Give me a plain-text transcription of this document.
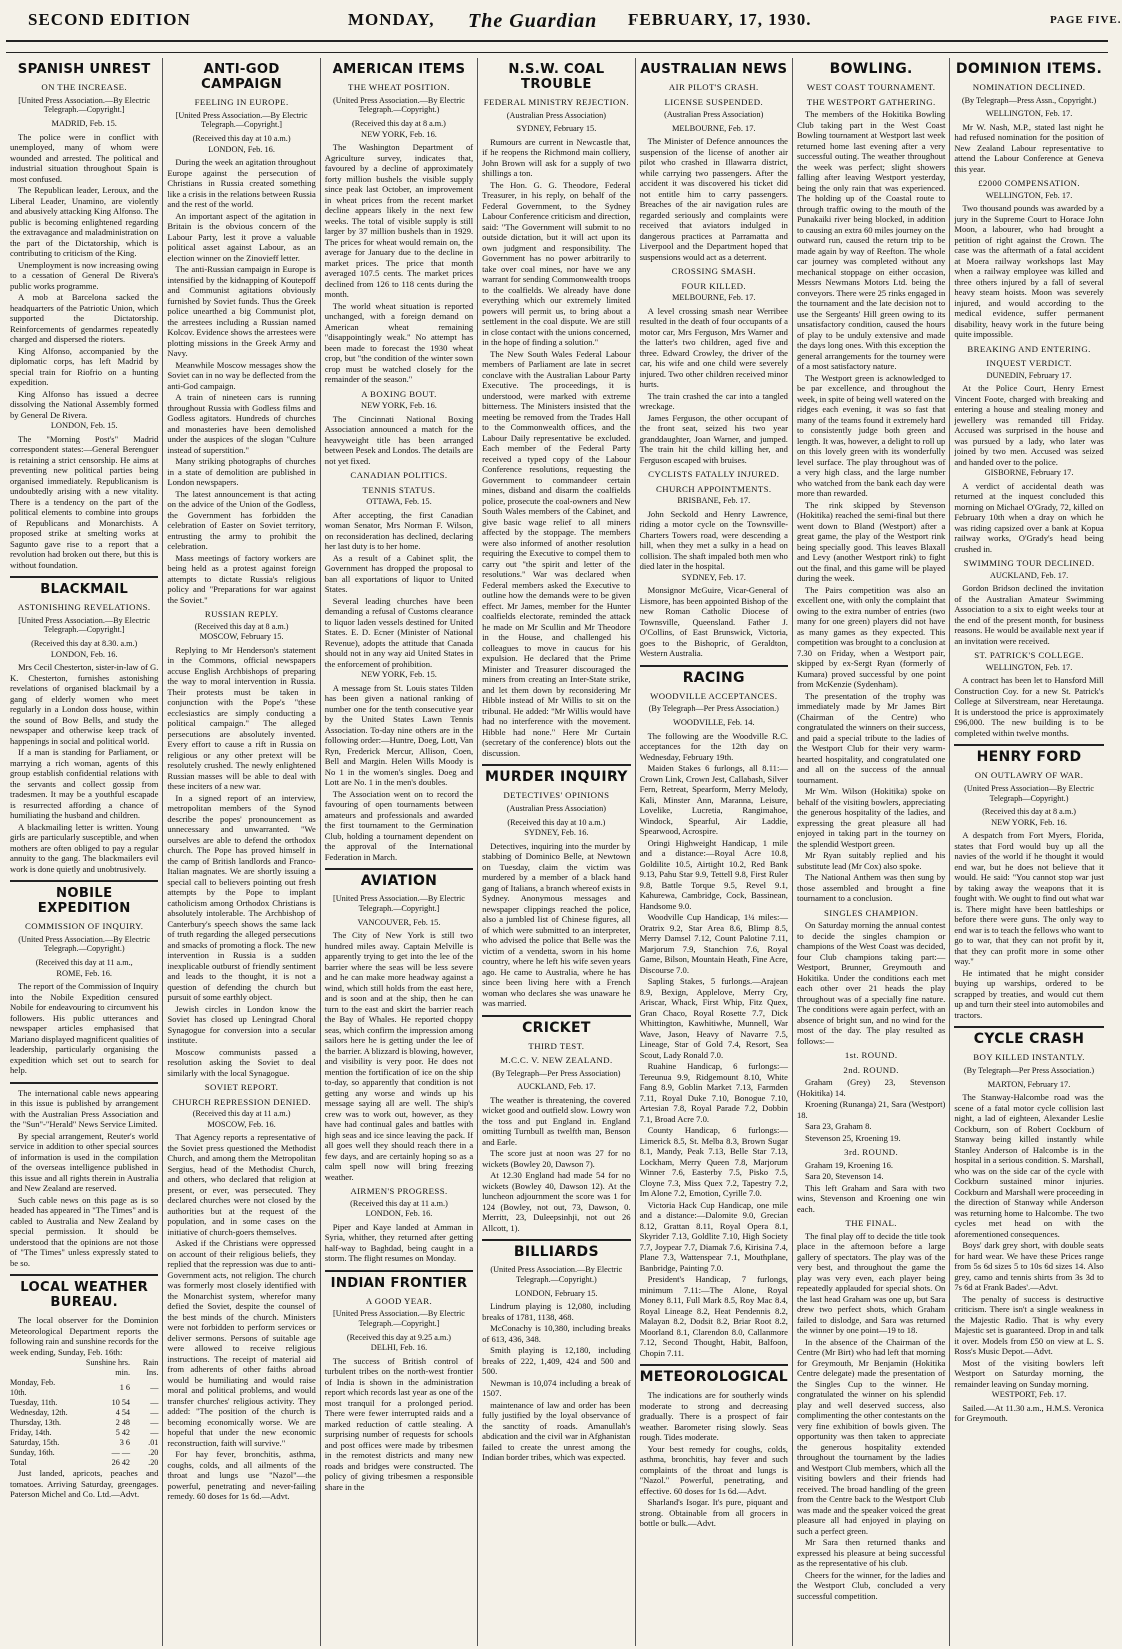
SECOND EDITION	MONDAY, The Guardian FEBRUARY, 17, 1930.	PAGE FIVE.
SPANISH UNREST
ON THE INCREASE.
[United Press Association.—By Electric Telegraph.—Copyright.]
MADRID, Feb. 15.
The police were in conflict with unemployed, many of whom were wounded and arrested. The political and industrial situation throughout Spain is most confused.
The Republican leader, Leroux, and the Liberal Leader, Unamino, are violently and abusively attacking King Alfonso. The public is becoming enlightened regarding the extravagance and maladministration on the part of the Dictatorship, which is contributing to criticism of the King.
Unemployment is now increasing owing to a cessation of General De Rivera's public works programme.
A mob at Barcelona sacked the headquarters of the Patriotic Union, which supported the Dictatorship. Reinforcements of gendarmes repeatedly charged and dispersed the rioters.
King Alfonso, accompanied by the diplomatic corps, has left Madrid by special train for Riofrio on a hunting expedition.
King Alfonso has issued a decree dissolving the National Assembly formed by General De Rivera.
LONDON, Feb. 15.
The "Morning Post's" Madrid correspondent states:—General Berenguer is retaining a strict censorship. He aims at preventing new political parties being organised immediately. Republicanism is undoubtedly arising with a new vitality. There is a tendency on the part of the political elements to combine into groups of Republicans and Monarchists. A proposed strike at smelting works at Sagunto gave rise to a report that a revolution had broken out there, but this is without foundation.
BLACKMAIL
ASTONISHING REVELATIONS.
[United Press Association.—By Electric Telegraph.—Copyright.]
(Received this day at 8.30. a.m.)
LONDON, Feb. 16.
Mrs Cecil Chesterton, sister-in-law of G. K. Chesterton, furnishes astonishing revelations of organised blackmail by a gang of elderly women who meet regularly in a London doss house, within the sound of Bow Bells, and study the newspaper and otherwise keep track of happenings in social and political world.
If a man is standing for Parliament, or marrying a rich woman, agents of this group establish confidential relations with the servants and collect gossip from tradesmen. It may be a youthful escapade is resurrected affording a chance of humiliating the husband and children.
A blackmailing letter is written. Young girls are particularly susceptible, and when mothers are often obliged to pay a regular annuity to the gang. The blackmailers evil work is done quietly and unobtrusively.
NOBILE EXPEDITION
COMMISSION OF INQUIRY.
(United Press Association.—By Electric Telegraph.—Copyright.)
(Received this day at 11 a.m.,
ROME, Feb. 16.
The report of the Commission of Inquiry into the Nobile Expedition censured Nobile for endeavouring to circumvent his followers. His public utterances and newspaper articles emphasised that Mariano displayed magnificent qualities of leadership, particularly organising the expedition which set out to search for help.
The international cable news appearing in this issue is published by arrangement with the Australian Press Association and the "Sun"-"Herald" News Service Limited.
By special arrangement, Reuter's world service in addition to other special sources of information is used in the compilation of the overseas intelligence published in this issue and all rights therein in Australia and New Zealand are reserved.
Such cable news on this page as is so headed has appeared in "The Times" and is cabled to Australia and New Zealand by special permission. It should be understood that the opinions are not those of "The Times" unless expressly stated to be so.
LOCAL WEATHER BUREAU.
The local observer for the Dominion Meteorological Department reports the following rain and sunshine records for the week ending, Sunday, Feb. 16th:
	Sunshine hrs. min.	Rain Ins.
Monday, Feb. 10th.	1 6	—
Tuesday, 11th.	10 54	—
Wednesday, 12th.	4 54	—
Thursday, 13th.	2 48	—
Friday, 14th.	5 42	—
Saturday, 15th.	3 6	.01
Sunday, 16th.	— —	.20
Total	26 42	.20
Just landed, apricots, peaches and tomatoes. Arriving Saturday, greengages. Paterson Michel and Co. Ltd.—Advt.
ANTI-GOD CAMPAIGN
FEELING IN EUROPE.
[United Press Association.—By Electric Telegraph.—Copyright.]
(Received this day at 10 a.m.)
LONDON, Feb. 16.
During the week an agitation throughout Europe against the persecution of Christians in Russia created something like a crisis in the relations between Russia and the rest of the world.
An important aspect of the agitation in Britain is the obvious concern of the Labour Party, lest it prove a valuable political asset against Labour, as an election winner on the Zinovieff letter.
The anti-Russian campaign in Europe is intensified by the kidnapping of Koutepoff and Communist agitations obviously furnished by Soviet funds. Thus the Greek police unearthed a big Communist plot, the arrestees including a Russian named Kolcov. Evidence shows the arrestees were plotting missions in the Greek Army and Navy.
Meanwhile Moscow messages show the Soviet can in no way be deflected from the anti-God campaign.
A train of nineteen cars is running throughout Russia with Godless films and Godless agitators. Hundreds of churches and monasteries have been demolished under the auspices of the slogan "Culture instead of superstition."
Many striking photographs of churches in a state of demolition are published in London newspapers.
The latest announcement is that acting on the advice of the Union of the Godless, the Government has forbidden the celebration of Easter on Soviet territory, entrusting the army to prohibit the celebration.
Mass meetings of factory workers are being held as a protest against foreign attempts to dictate Russia's religious policy and "Preparations for war against the Soviet."
RUSSIAN REPLY.
(Received this day at 8 a.m.)
MOSCOW, February 15.
Replying to Mr Henderson's statement in the Commons, official newspapers accuse English Archbishops of preparing the way to moral intervention in Russia. Their protests must be taken in conjunction with the Pope's "these ecclesiastics are simply conducting a political campaign." The alleged persecutions are absolutely invented. Every effort to cause a rift in Russia on religious or any other pretext will be resolutely crushed. The newly enlightened Russian masses will be able to deal with these inciters of a new war.
In a signed report of an interview, metropolitan members of the Synod describe the popes' pronouncement as unnecessary and unwarranted. "We ourselves are able to defend the orthodox church. The Pope has proved himself in the camp of British landlords and Franco-Italian magnates. We are shortly issuing a special call to believers pointing out fresh attempts by the Pope to implant catholicism among Orthodox Christians is absolutely intolerable. The Archbishop of Canterbury's speech shows the same lack of truth regarding the alleged persecutions and smacks of promoting a flock. The new intervention in Russia is a sudden inexplicable outburst of friendly sentiment and leads to the thought, it is not a question of defending the church but pursuit of some earthly object.
Jewish circles in London know the Soviet has closed up Leningrad Choral Synagogue for conversion into a secular institute.
Moscow communists passed a resolution asking the Soviet to deal similarly with the local Synagogue.
SOVIET REPORT.
CHURCH REPRESSION DENIED.
(Received this day at 11 a.m.)
MOSCOW, Feb. 16.
That Agency reports a representative of the Soviet press questioned the Methodist Church, and among them the Metropolitan Sergius, head of the Methodist Church, and others, who declared that religion at present, or ever, was persecuted. They declared churches were not closed by the authorities but at the request of the population, and in some cases on the initiative of church-goers themselves.
Asked if the Christians were oppressed on account of their religious beliefs, they replied that the repression was due to anti-Government acts, not religion. The church was formerly most closely identified with the Monarchist system, wherefor many defied the Soviet, despite the counsel of the best minds of the church. Ministers were not forbidden to perform services or deliver sermons. Persons of suitable age were allowed to receive religious instructions. The receipt of material aid from adherents of other faiths abroad would be humiliating and would raise moral and political problems, and would transfer churches' religious activity. They added: "The position of the church is becoming economically worse. We are hopeful that under the new economic reconstruction, faith will survive."
For hay fever, bronchitis, asthma, coughs, colds, and all ailments of the throat and lungs use "Nazol"—the powerful, penetrating and never-failing remedy. 60 doses for 1s 6d.—Advt.
AMERICAN ITEMS
THE WHEAT POSITION.
(United Press Association.—By Electric Telegraph.—Copyright.)
(Received this day at 8 a.m.)
NEW YORK, Feb. 16.
The Washington Department of Agriculture survey, indicates that, favoured by a decline of approximately forty million bushels the visible supply since peak last October, an improvement in wheat prices from the recent market decline appears likely in the next few weeks. The total of visible supply is still larger by 37 million bushels than in 1929. The prices for wheat would remain on, the average for January due to the decline in market prices. The price that month averaged 107.5 cents. The market prices declined from 126 to 118 cents during the month.
The world wheat situation is reported unchanged, with a foreign demand on American wheat remaining "disappointingly weak." No attempt has been made to forecast the 1930 wheat crop, but "the condition of the winter sown crop must be watched closely for the remainder of the season."
A BOXING BOUT.
NEW YORK, Feb. 16.
The Cincinnati National Boxing Association announced a match for the heavyweight title has been arranged between Pesek and Londos. The details are not yet fixed.
CANADIAN POLITICS.
TENNIS STATUS.
OTTAWA, Feb. 15.
After accepting, the first Canadian woman Senator, Mrs Norman F. Wilson, on reconsideration has declined, declaring her last duty is to her home.
As a result of a Cabinet split, the Government has dropped the proposal to ban all exportations of liquor to United States.
Several leading churches have been demanding a refusal of Customs clearance to liquor laden vessels destined for United States. E. D. Ecner (Minister of National Revenue), adopts the attitude that Canada should not in any way aid United States in the enforcement of prohibition.
NEW YORK, Feb. 15.
A message from St. Louis states Tilden has been given a national ranking of number one for the tenth consecutive year by the United States Lawn Tennis Association. To-day nine others are in the following order:—Huntre, Doeg, Lott, Van Ryn, Frederick Mercur, Allison, Coen, Bell and Margin. Helen Wills Moody is No 1 in the women's singles. Doeg and Lott are No. 1 in the men's doubles.
The Association went on to record the favouring of open tournaments between amateurs and professionals and awarded the first tournament to the Germination Club, holding a tournament dependent on the approval of the International Federation in March.
AVIATION
[United Press Association.—By Electric Telegraph.—Copyright.]
VANCOUVER, Feb. 15.
The City of New York is still two hundred miles away. Captain Melville is apparently trying to get into the lee of the barrier where the seas will be less severe and he can make more headway against a wind, which still holds from the east here, and is soon and at the ship, then he can turn to the east and skirt the barrier reach the Bay of Whales. He reported choppy seas, which confirm the impression among sailors here he is getting under the lee of the barrier. A blizzard is blowing, however, and visibility is very poor. He does not mention the fortification of ice on the ship to-day, so apparently that condition is not getting any worse and winds up his message saying all are well. The ship's crew was to work out, however, as they have had continual gales and battles with high seas and ice since leaving the pack. If all goes well they should reach there in a few days, and are certainly hoping so as a calm spell now will bring freezing weather.
AIRMEN'S PROGRESS.
(Received this day at 11 a.m.)
LONDON, Feb. 16.
Piper and Kaye landed at Amman in Syria, whither, they returned after getting half-way to Baghdad, being caught in a storm. The flight resumes on Monday.
INDIAN FRONTIER
A GOOD YEAR.
[United Press Association.—By Electric Telegraph.—Copyright.]
(Received this day at 9.25 a.m.)
DELHI, Feb. 16.
The success of British control of turbulent tribes on the north-west frontier of India is shown in the administration report which records last year as one of the most tranquil for a prolonged period. There were fewer interrupted raids and a marked reduction of cattle stealing. A surprising number of requests for schools and post offices were made by tribesmen in the remotest districts and many new roads and bridges were constructed. The policy of giving tribesmen a responsible share in the
N.S.W. COAL TROUBLE
FEDERAL MINISTRY REJECTION.
(Australian Press Association)
SYDNEY, February 15.
Rumours are current in Newcastle that, if he reopens the Richmond main colliery, John Brown will ask for a supply of two shillings a ton.
The Hon. G. G. Theodore, Federal Treasurer, in his reply, on behalf of the Federal Government, to the Sydney Labour Conference criticism and direction, said: "The Government will submit to no outside dictation, but it will act upon its own judgment and responsibility. The Government has no power arbitrarily to take over coal mines, nor have we any warrant for sending Commonwealth troops to the coalfields. We already have done everything which our extremely limited powers will permit us, to bring about a settlement in the coal dispute. We are still in close contact with the unions concerned, in the hope of finding a solution."
The New South Wales Federal Labour members of Parliament are late in secret conclave with the Australian Labour Party Executive. The proceedings, it is understood, were marked with extreme bitterness. The Ministers insisted that the meeting be removed from the Trades Hall to the Commonwealth offices, and the Labour Daily representative be excluded. Each member of the Federal Party received a typed copy of the Labour Conference resolutions, requesting the Government to commandeer certain mines, disband and disarm the coalfields police, prosecute the coal-owners and New South Wales members of the Cabinet, and give basic wage relief to all miners affected by the stoppage. The members were also informed of another resolution requiring the Executive to compel them to carry out "the spirit and letter of the resolutions." War was declared when Federal members asked the Executive to outline how the demands were to be given effect. Mr James, member for the Hunter coalfields electorate, reminded the attack he made on Mr Scullin and Mr Theodore in the House, and challenged his colleagues to move in caucus for his expulsion. He declared that the Prime Minister and Treasurer discouraged the miners from creating an Inter-State strike, and let them down by reconsidering Mr Hibble instead of Mr Willis to sit on the tribunal. He added: "Mr Willis would have had no interference with the movement. Hibble had none." Here Mr Curtain (secretary of the conference) blots out the discussion.
MURDER INQUIRY
DETECTIVES' OPINIONS
(Australian Press Association)
(Received this day at 10 a.m.)
SYDNEY, Feb. 16.
Detectives, inquiring into the murder by stabbing of Dominico Belle, at Newtown on Tuesday, claim the victim was murdered by a member of a black hand gang of Italians, a branch whereof exists in Sydney. Anonymous messages and newspaper clippings reached the police, also a jumbled list of Chinese figures, all of which were submitted to an interpreter, who advised the police that Belle was the victim of a vendetta, sworn in his home country, where he left his wife seven years ago. He came to Australia, where he has since been living here with a French woman who declares she was unaware he was married.
CRICKET
THIRD TEST.
M.C.C. V. NEW ZEALAND.
(By Telegraph—Per Press Association)
AUCKLAND, Feb. 17.
The weather is threatening, the covered wicket good and outfield slow. Lowry won the toss and put England in. England omitting Turnbull as twelfth man, Benson and Earle.
The score just at noon was 27 for no wickets (Bowley 20, Dawson 7).
At 12.30 England had made 54 for no wickets (Bowley 40, Dawson 12). At the luncheon adjournment the score was 1 for 124 (Bowley, not out, 73, Dawson, 0. Merritt, 23, Duleepsinhji, not out 26 Allcott, 1).
BILLIARDS
(United Press Association.—By Electric Telegraph.—Copyright.)
LONDON, February 15.
Lindrum playing is 12,080, including breaks of 1781, 1138, 468.
McConachy is 10,380, including breaks of 613, 436, 348.
Smith playing is 12,180, including breaks of 222, 1,409, 424 and 500 and 500.
Newman is 10,074 including a break of 1507.
maintenance of law and order has been fully justified by the loyal observance of the sanctity of roads. Amanullah's abdication and the civil war in Afghanistan failed to create the unrest among the Indian border tribes, which was expected.
AUSTRALIAN NEWS
AIR PILOT'S CRASH.
LICENSE SUSPENDED.
(Australian Press Association)
MELBOURNE, Feb. 17.
The Minister of Defence announces the suspension of the license of another air pilot who crashed in Illawarra district, while carrying two passengers. After the accident it was discovered his ticket did not entitle him to carry passengers. Breaches of the air navigation rules are regarded seriously and complaints were received that aviators indulged in dangerous practices at Parramatta and Liverpool and the Department hoped that suspensions would act as a deterrent.
CROSSING SMASH.
FOUR KILLED.
MELBOURNE, Feb. 17.
A level crossing smash near Werribee resulted in the death of four occupants of a motor car, Mrs Ferguson, Mrs Warner and the latter's two children, aged five and three. Edward Crowley, the driver of the car, his wife and one child were severely injured. Two other children received minor hurts.
The train crashed the car into a tangled wreckage.
James Ferguson, the other occupant of the front seat, seized his two year granddaughter, Joan Warner, and jumped. The train hit the child killing her, and Ferguson escaped with bruises.
CYCLISTS FATALLY INJURED.
CHURCH APPOINTMENTS.
BRISBANE, Feb. 17.
John Seckold and Henry Lawrence, riding a motor cycle on the Townsville-Charters Towers road, were descending a hill, when they met a sulky in a head on collision. The shaft impaled both men who died later in the hospital.
SYDNEY, Feb. 17.
Monsignor McGuire, Vicar-General of Lismore, has been appointed Bishop of the new Roman Catholic Diocese of Townsville, Queensland. Father J. O'Collins, of East Brunswick, Victoria, goes to the Bishopric, of Geraldton, Western Australia.
RACING
WOODVILLE ACCEPTANCES.
(By Telegraph—Per Press Association.)
WOODVILLE, Feb. 14.
The following are the Woodville R.C. acceptances for the 12th day on Wednesday, February 19th.
Maiden Stakes 6 furlongs, all 8.11:—Crown Link, Crown Jest, Callabash, Silver Fern, Retreat, Spearform, Merry Melody, Kali, Minster Ann, Maranna, Leisure, Lovelike, Lucretia, Rangimahoe, Windock, Spearful, Air Laddie, Spearwood, Acrospire.
Oringi Highweight Handicap, 1 mile and a distance:—Royal Acre 10.8, Goldilite 10.5, Airtight 10.2, Red Bank 9.13, Pahu Star 9.9, Tettell 9.8, First Ruler 9.8, Battle Torque 9.5, Revel 9.1, Kahurewa, Cambridge, Cock, Bassinean, Handsome 9.0.
Woodville Cup Handicap, 1¼ miles:—Oratrix 9.2, Star Area 8.6, Blimp 8.5, Merry Damsel 7.12, Count Palotine 7.11, Marjorum 7.9, Stanchion 7.6, Royal Game, Bilson, Mountain Heath, Fine Acre, Discourse 7.0.
Sapling Stakes, 5 furlongs.—Arajean 8.9, Bexign, Applelove, Merry Cry, Ariscar, Whack, First Whip, Fitz Quex, Gran Chaco, Royal Rosette 7.7, Dick Whittington, Kawhitiwhe, Munnell, War Wave, Jason, Heavy of Navarre 7.5, Lineage, Star of Gold 7.4, Resort, Sea Scout, Lady Ronald 7.0.
Ruahine Handicap, 6 furlongs:—Tereunua 9.9, Ridgemount 8.10, White Fang 8.9, Goblin Market 7.13, Farmden 7.11, Royal Duke 7.10, Bonogue 7.10, Artesian 7.8, Royal Parade 7.2, Dobbin 7.1, Broad Acre 7.0.
County Handicap, 6 furlongs:—Limerick 8.5, St. Melba 8.3, Brown Sugar 8.1, Mandy, Peak 7.13, Belle Star 7.13, Lockham, Merry Queen 7.8, Marjorum Winner 7.6, Easterby 7.5, Pisko 7.5, Cloyne 7.3, Miss Quex 7.2, Tapestry 7.2, Im Alone 7.2, Emotion, Cyrille 7.0.
Victoria Hack Cup Handicap, one mile and a distance:—Dalomite 9.0, Grecian 8.12, Grattan 8.11, Royal Opera 8.1, Skyrider 7.13, Goldlite 7.10, High Society 7.7, Joypear 7.7, Diamak 7.6, Kirisina 7.4, Plane 7.3, Wattenspear 7.1, Mouthplane, Banbridge, Painting 7.0.
President's Handicap, 7 furlongs, minimum 7.11:—The Alone, Royal Money 8.11, Full Mark 8.5, Roy Mac 8.4, Royal Lineage 8.2, Heat Pendennis 8.2, Malayan 8.2, Dodsit 8.2, Briar Root 8.2, Moorland 8.1, Clarendon 8.0, Callanmore 7.12, Second Thought, Habit, Balfoon, Chopin 7.11.
METEOROLOGICAL
The indications are for southerly winds moderate to strong and decreasing gradually. There is a prospect of fair weather. Barometer rising slowly. Seas rough. Tides moderate.
Your best remedy for coughs, colds, asthma, bronchitis, hay fever and such complaints of the throat and lungs is "Nazol." Powerful, penetrating, and effective. 60 doses for 1s 6d.—Advt.
Sharland's Isogar. It's pure, piquant and strong. Obtainable from all grocers in bottle or bulk.—Advt.
BOWLING.
WEST COAST TOURNAMENT.
THE WESTPORT GATHERING.
The members of the Hokitika Bowling Club taking part in the West Coast Bowling tournament at Westport last week returned home last evening after a very successful outing. The weather throughout the week was perfect; slight showers falling after leaving Westport yesterday, being the only rain that was experienced. The holding up of the Coastal route to through traffic owing to the mouth of the Punakaiki river being blocked, in addition to causing an extra 60 miles journey on the outward run, caused the return trip to be made again by way of Reefton. The whole car journey was completed without any mechanical stoppage on either occasion, Messrs Newmans Motors Ltd. being the conveyors. There were 25 rinks engaged in the tournament and the late decision not to use the Sergeants' Hill green owing to its unsatisfactory condition, caused the hours of play to be unduly extensive and made the days long ones. With this exception the general arrangements for the tourney were of a most satisfactory nature.
The Westport green is acknowledged to be par excellence, and throughout the week, in spite of being well watered on the ridges each evening, it was so fast that many of the teams found it extremely hard to consistently judge both green and length. It was, however, a delight to roll up on this lovely green with its wonderfully level surface. The play throughout was of a very high class, and the large number who watched from the bank each day were more than rewarded.
The rink skipped by Stevenson (Hokitika) reached the semi-final but there went down to Bland (Westport) after a great game, the play of the Westport rink being specially good. This leaves Blaxall and Levy (another Westport rink) to fight out the final, and this game will be played during the week.
The Pairs competition was also an excellent one, with only the complaint that owing to the extra number of entries (two many for one green) players did not have as many games as they expected. This competition was brought to a conclusion at 7.30 on Friday, when a Westport pair, skipped by ex-Sergt Ryan (formerly of Kumara) proved successful by one point from McKenzie (Sydenham).
The presentation of the trophy was immediately made by Mr James Birt (Chairman of the Centre) who congratulated the winners on their success, and paid a special tribute to the ladies of the Westport Club for their very warm-hearted hospitality, and congratulated one and all on the success of the annual tournament.
Mr Wm. Wilson (Hokitika) spoke on behalf of the visiting bowlers, appreciating the generous hospitality of the ladies, and expressing the great pleasure all had enjoyed in taking part in the tourney on the splendid Westport green.
Mr Ryan suitably replied and his substitute lead (Mr Cox) also spoke.
The National Anthem was then sung by those assembled and brought a fine tournament to a conclusion.
SINGLES CHAMPION.
On Saturday morning the annual contest to decide the singles champion or champions of the West Coast was decided, four Club champions taking part:—Westport, Brunner, Greymouth and Hokitika. Under the conditions each met each other over 21 heads the play throughout was of a specially fine nature. The conditions were again perfect, with an absence of bright sun, and no wind for the most of the day. The play resulted as follows:—
1st. ROUND.
2nd. ROUND.
Graham (Grey) 23, Stevenson (Hokitika) 14.
Kroening (Runanga) 21, Sara (Westport) 18.
Sara 23, Graham 8.
Stevenson 25, Kroening 19.
3rd. ROUND.
Graham 19, Kroening 16.
Sara 20, Stevenson 14.
This left Graham and Sara with two wins, Stevenson and Kroening one win each.
THE FINAL.
The final play off to decide the title took place in the afternoon before a large gallery of spectators. The play was of the very best, and throughout the game the play was very even, each player being repeatedly applauded for special shots. On the last head Graham was one up, but Sara drew two perfect shots, which Graham failed to dislodge, and Sara was returned the winner by one point—19 to 18.
In the absence of the Chairman of the Centre (Mr Birt) who had left that morning for Greymouth, Mr Benjamin (Hokitika Centre delegate) made the presentation of the Singles Cup to the winner. He congratulated the winner on his splendid play and well deserved success, also complimenting the other contestants on the very fine exhibition of bowls given. The opportunity was then taken to appreciate the generous hospitality extended throughout the tournament by the ladies and Westport Club members, which all the visiting bowlers and their friends had received. The broad handling of the green from the Centre back to the Westport Club was made and the speaker voiced the great pleasure all had enjoyed in playing on such a perfect green.
Mr Sara then returned thanks and expressed his pleasure at being successful as the representative of his club.
Cheers for the winner, for the ladies and the Westport Club, concluded a very successful competition.
DOMINION ITEMS.
NOMINATION DECLINED.
(By Telegraph—Press Assn., Copyright.)
WELLINGTON, Feb. 17.
Mr W. Nash, M.P., stated last night he had refused nomination for the position of New Zealand Labour representative to attend the Labour Conference at Geneva this year.
£2000 COMPENSATION.
WELLINGTON, Feb. 17.
Two thousand pounds was awarded by a jury in the Supreme Court to Horace John Moon, a labourer, who had brought a petition of right against the Crown. The case was the aftermath of a fatal accident at Moera railway workshops last May when a railway employee was killed and three others injured by a fall of several heavy steam hoists. Moon was severely injured, and would according to the medical evidence, suffer permanent disability, heavy work in the future being quite impossible.
BREAKING AND ENTERING.
INQUEST VERDICT.
DUNEDIN, February 17.
At the Police Court, Henry Ernest Vincent Foote, charged with breaking and entering a house and stealing money and jewellery was remanded till Friday. Accused was surprised in the house and was pursued by a lady, who later was joined by two men. Accused was seized and handed over to the police.
GISBORNE, February 17.
A verdict of accidental death was returned at the inquest concluded this morning on Michael O'Grady, 72, killed on February 10th when a dray on which he was riding capsized over a bank at Kopua railway works, O'Grady's head being crushed in.
SWIMMING TOUR DECLINED.
AUCKLAND, Feb. 17.
Gordon Bridson declined the invitation of the Australian Amateur Swimming Association to a six to eight weeks tour at the end of the present month, for business reasons. He would be available next year if an invitation were received.
ST. PATRICK'S COLLEGE.
WELLINGTON, Feb. 17.
A contract has been let to Hansford Mill Construction Coy. for a new St. Patrick's College at Silverstream, near Heretaunga. It is understood the price is approximately £96,000. The new building is to be completed within twelve months.
HENRY FORD
ON OUTLAWRY OF WAR.
(United Press Association—By Electric Telegraph—Copyright.)
(Received this day at 8 a.m.)
NEW YORK, Feb. 16.
A despatch from Fort Myers, Florida, states that Ford would buy up all the navies of the world if he thought it would end war, but he does not believe that it would. He said: "You cannot stop war just by taking away the weapons that it is fought with. We ought to find out what war is. There might have been battleships or before there were guns. The only way to end war is to teach the fellows who want to go to war, that they can not profit by it, that they can profit more in some other way."
He intimated that he might consider buying up warships, ordered to be scrapped by treaties, and would cut them up and turn their steel into automobiles and tractors.
CYCLE CRASH
BOY KILLED INSTANTLY.
(By Telegraph—Per Press Association.)
MARTON, February 17.
The Stanway-Halcombe road was the scene of a fatal motor cycle collision last night, a lad of eighteen, Alexander Leslie Cockburn, son of Robert Cockburn of Stanway being killed instantly while Stanley Anderson of Halcombe is in the hospital in a serious condition. S. Marshall, who was on the side car of the cycle with Cockburn sustained minor injuries. Cockburn and Marshall were proceeding in the direction of Stanway while Anderson was returning home to Halcombe. The two cycles met head on with the aforementioned consequences.
Boys' dark grey short, with double seats for hard wear. We have these Prices range from 5s 6d sizes 5 to 10s 6d sizes 14. Also grey, camo and tennis shirts from 3s 3d to 7s 6d at Frank Bades'.—Advt.
The penalty of success is destructive criticism. There isn't a single weakness in the Majestic Radio. That is why every Majestic set is guaranteed. Drop in and talk it over. Models from £50 on view at L. S. Ross's Music Depot.—Advt.
Most of the visiting bowlers left Westport on Saturday morning, the remainder leaving on Sunday morning.
WESTPORT, Feb. 17.
Sailed.—At 11.30 a.m., H.M.S. Veronica for Greymouth.
